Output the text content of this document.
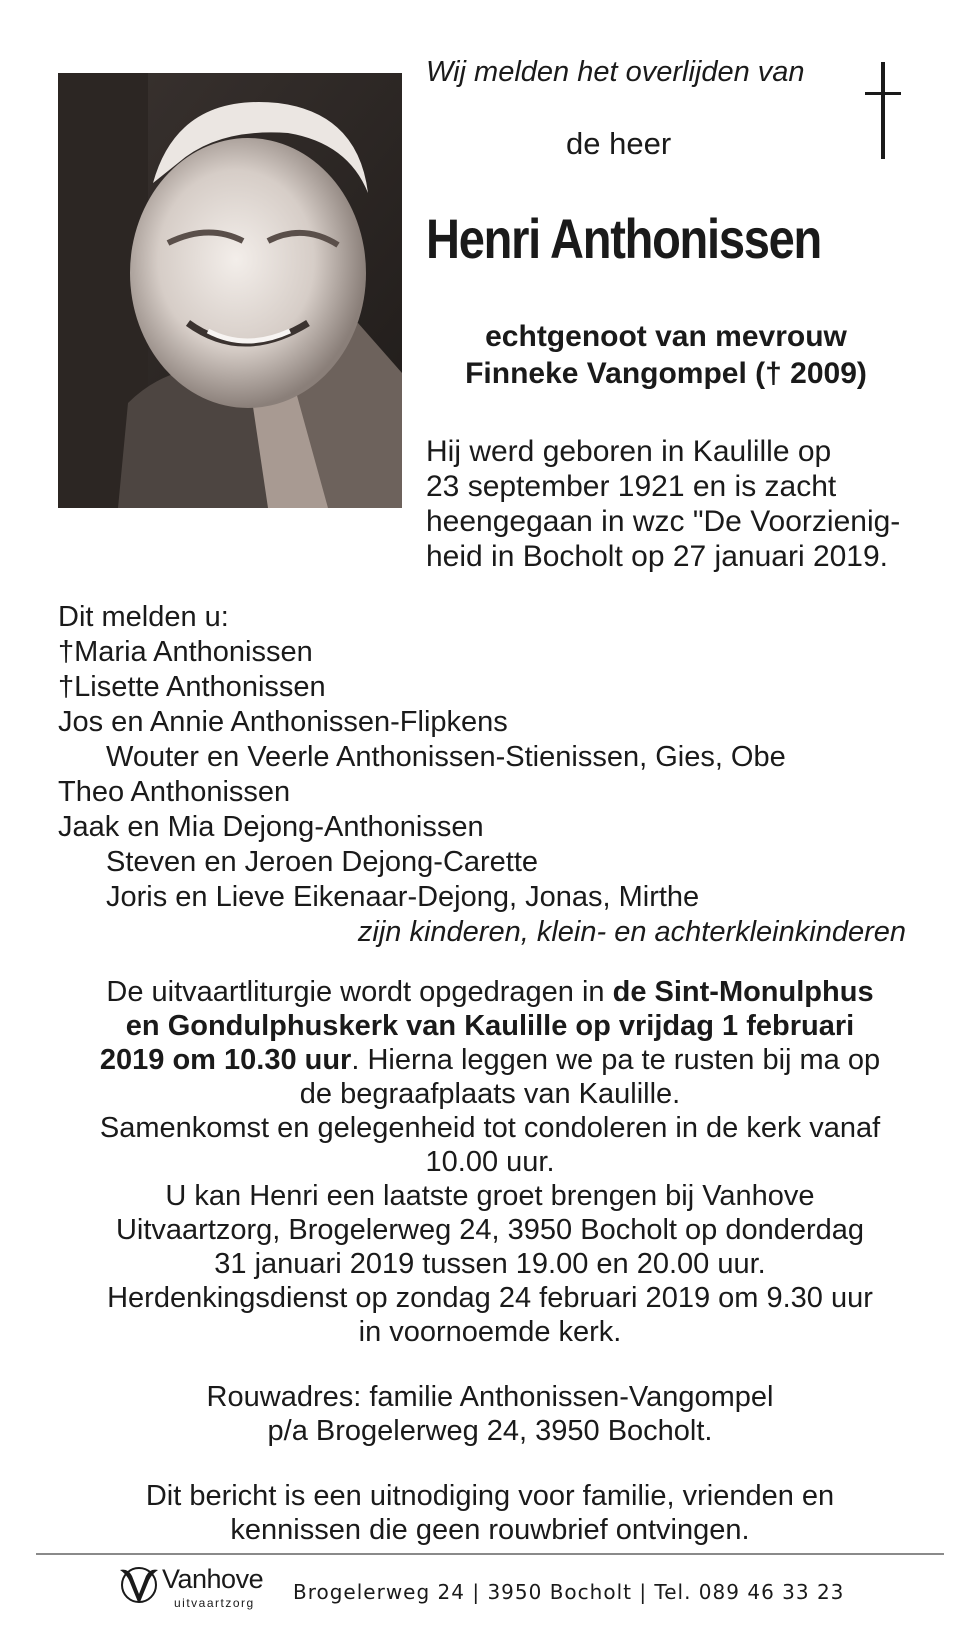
Wij melden het overlijden van
de heer
Henri Anthonissen
echtgenoot van mevrouw
Finneke Vangompel († 2009)
Hij werd geboren in Kaulille op
23 september 1921 en is zacht
heengegaan in wzc "De Voorzienig-
heid in Bocholt op 27 januari 2019.
Dit melden u:
†Maria Anthonissen
†Lisette Anthonissen
Jos en Annie Anthonissen-Flipkens
Wouter en Veerle Anthonissen-Stienissen, Gies, Obe
Theo Anthonissen
Jaak en Mia Dejong-Anthonissen
Steven en Jeroen Dejong-Carette
Joris en Lieve Eikenaar-Dejong, Jonas, Mirthe
zijn kinderen, klein- en achterkleinkinderen
De uitvaartliturgie wordt opgedragen in de Sint-Monulphus
en Gondulphuskerk van Kaulille op vrijdag 1 februari
2019 om 10.30 uur. Hierna leggen we pa te rusten bij ma op
de begraafplaats van Kaulille.
Samenkomst en gelegenheid tot condoleren in de kerk vanaf
10.00 uur.
U kan Henri een laatste groet brengen bij Vanhove
Uitvaartzorg, Brogelerweg 24, 3950 Bocholt op donderdag
31 januari 2019 tussen 19.00 en 20.00 uur.
Herdenkingsdienst op zondag 24 februari 2019 om 9.30 uur
in voornoemde kerk.
Rouwadres: familie Anthonissen-Vangompel
p/a Brogelerweg 24, 3950 Bocholt.
Dit bericht is een uitnodiging voor familie, vrienden en
kennissen die geen rouwbrief ontvingen.
Vanhove
uitvaartzorg Brogelerweg 24 | 3950 Bocholt | Tel. 089 46 33 23
